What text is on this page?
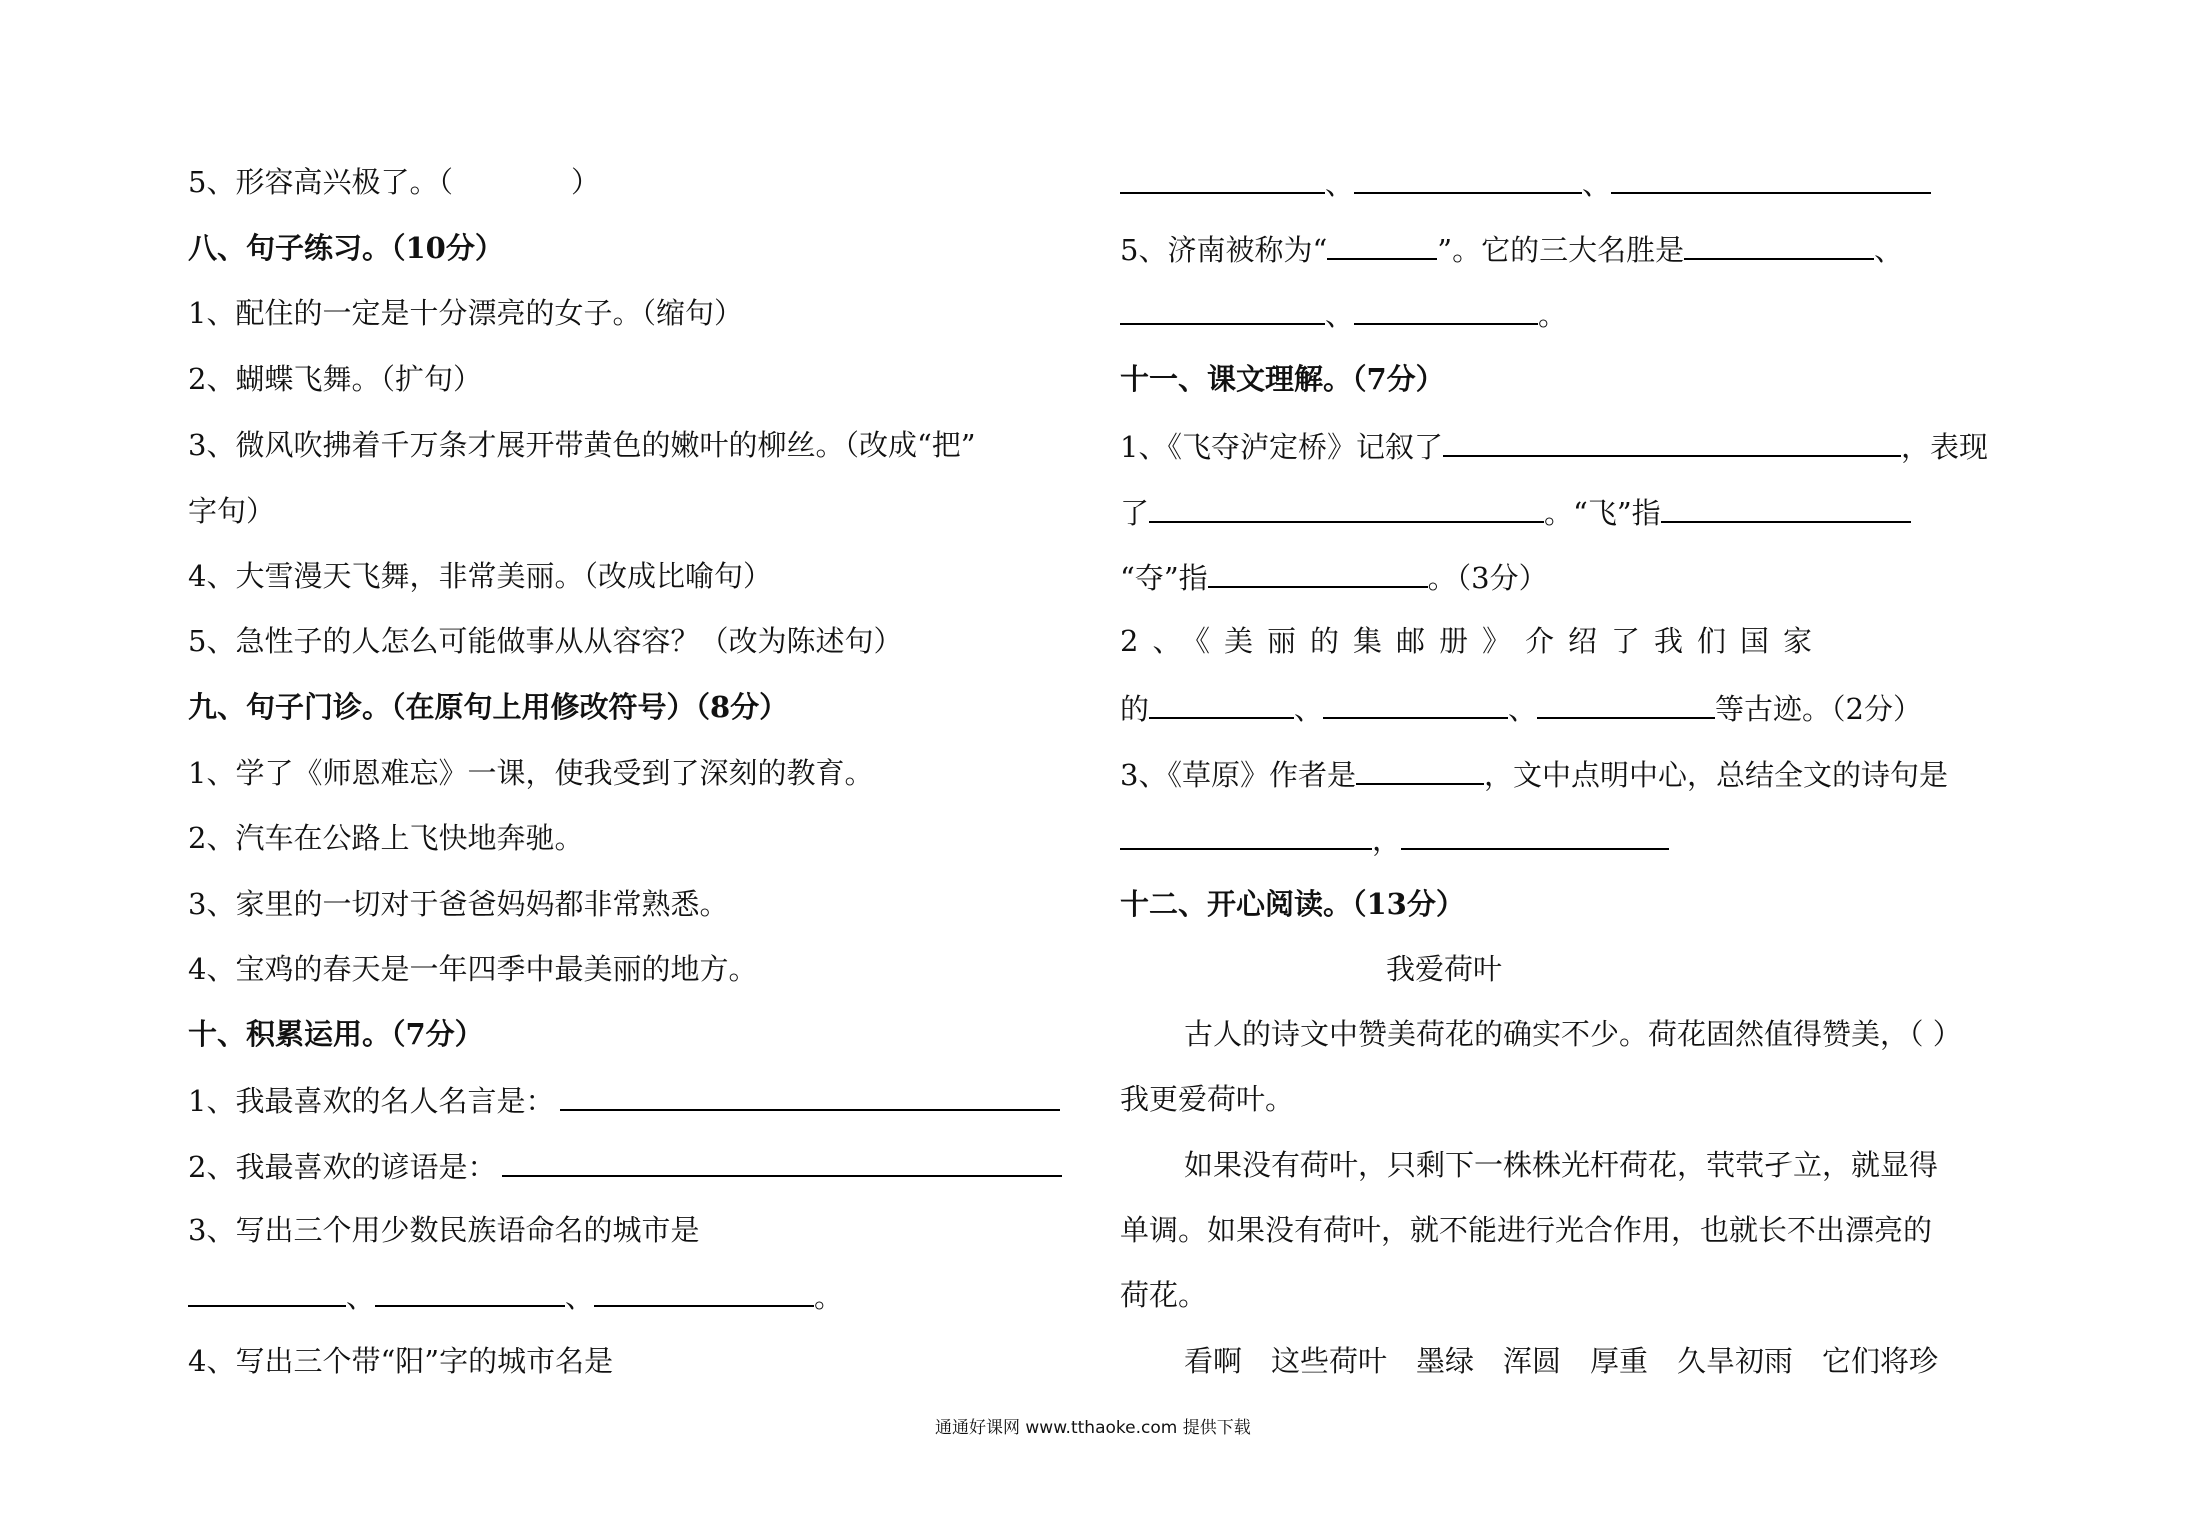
5、形容高兴极了。（	）
八、句子练习。（10分）
1、配住的一定是十分漂亮的女子。（缩句）
2、蝴蝶飞舞。（扩句）
3、微风吹拂着千万条才展开带黄色的嫩叶的柳丝。（改成“把”
字句）
4、大雪漫天飞舞，非常美丽。（改成比喻句）
5、急性子的人怎么可能做事从从容容？（改为陈述句）
九、句子门诊。（在原句上用修改符号）（8分）
1、学了《师恩难忘》一课，使我受到了深刻的教育。
2、汽车在公路上飞快地奔驰。
3、家里的一切对于爸爸妈妈都非常熟悉。
4、宝鸡的春天是一年四季中最美丽的地方。
十、积累运用。（7分）
1、我最喜欢的名人名言是：
2、我最喜欢的谚语是：
3、写出三个用少数民族语命名的城市是
、	、	。
4、写出三个带“阳”字的城市名是
、	、
5、济南被称为“	”。它的三大名胜是	、
、	。
十一、课文理解。（7分）
1、《飞夺泸定桥》记叙了	，表现
了	。“飞”指
“夺”指	。（3分）
2、《美丽的集邮册》介绍了我们国家
的	、	、	等古迹。（2分）
3、《草原》作者是	，文中点明中心，总结全文的诗句是
，
十二、开心阅读。（13分）
我爱荷叶
古人的诗文中赞美荷花的确实不少。荷花固然值得赞美，（ ）
我更爱荷叶。
如果没有荷叶，只剩下一株株光杆荷花，茕茕孑立，就显得
单调。如果没有荷叶，就不能进行光合作用，也就长不出漂亮的
荷花。
看啊　这些荷叶　墨绿　浑圆　厚重　久旱初雨　它们将珍
通通好课网 www.tthaoke.com 提供下载
